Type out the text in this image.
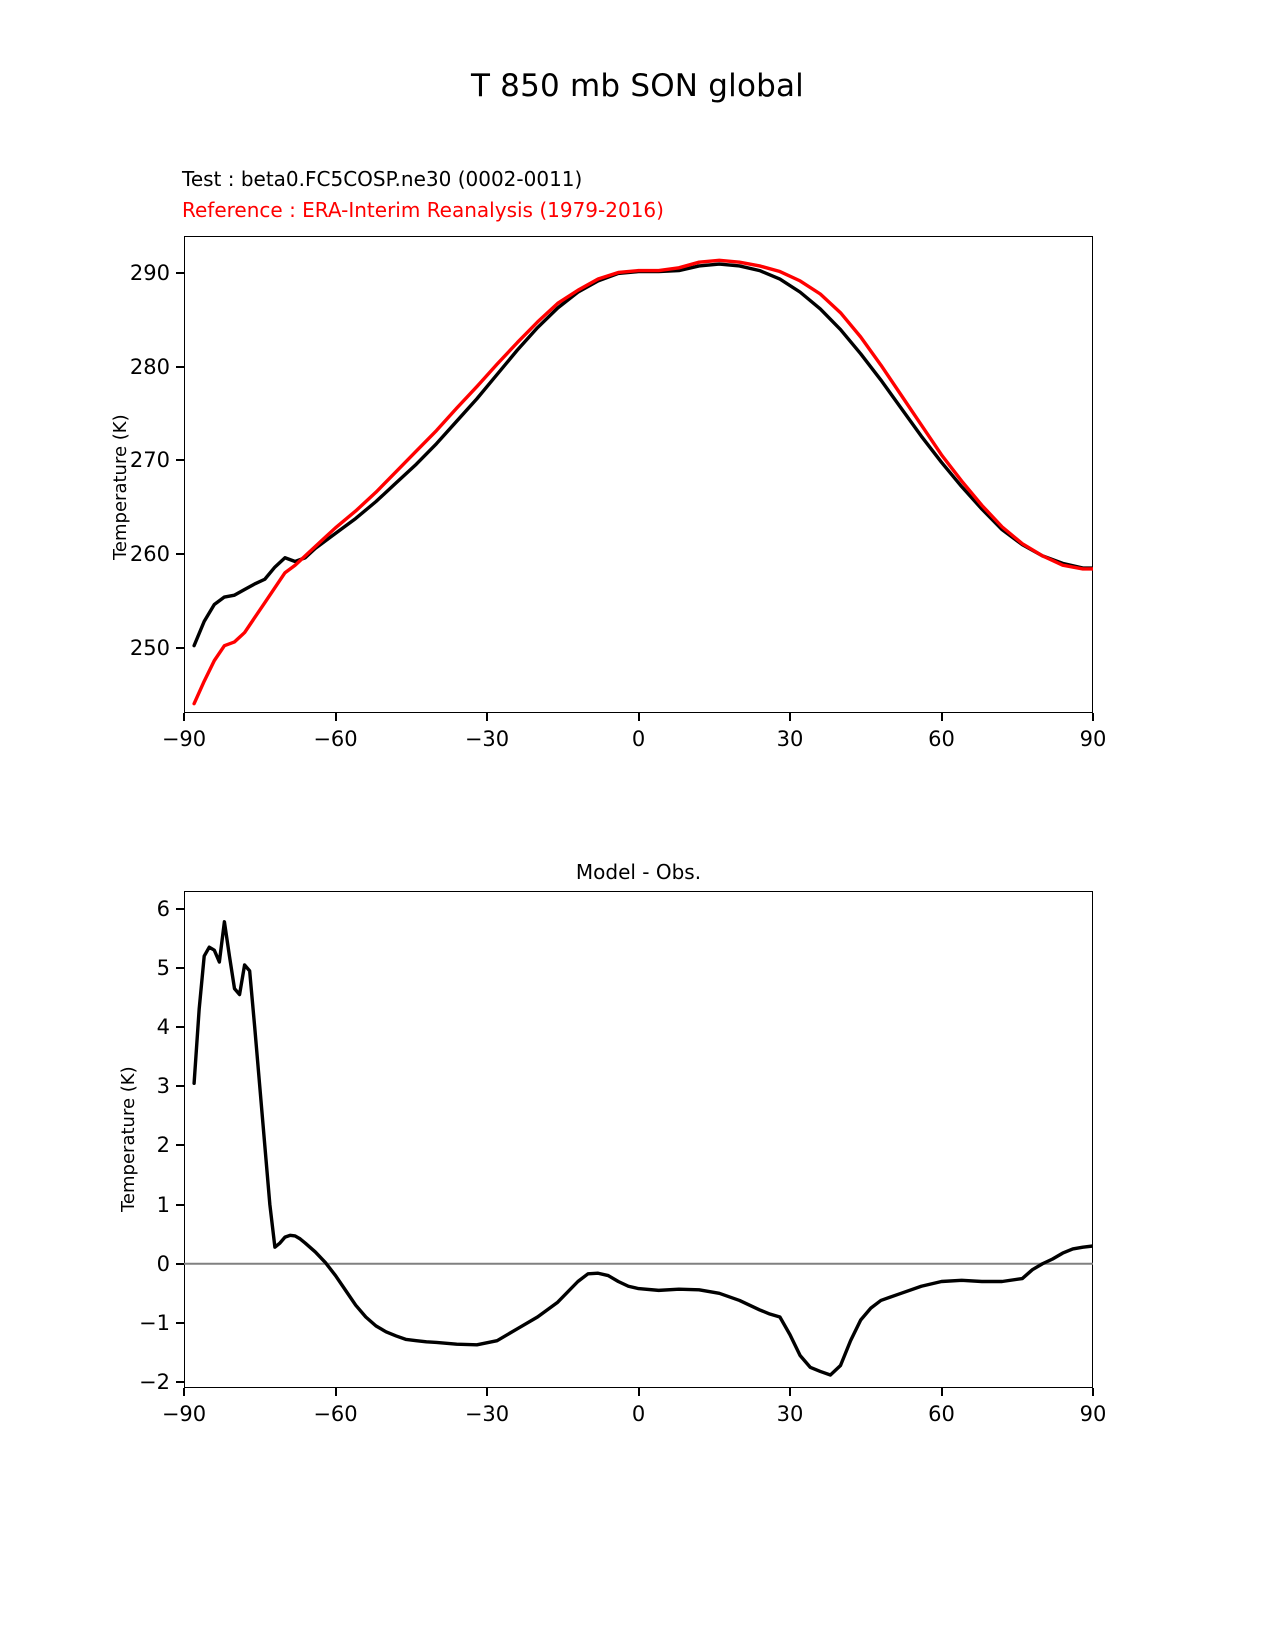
T 850 mb SON global
Test : beta0.FC5COSP.ne30 (0002-0011)
Reference : ERA-Interim Reanalysis (1979-2016)
Temperature (K)
−90	−60	−30	0	30	60	90
250
260
270
280
290
Model - Obs.
Temperature (K)
−90	−60	−30	0	30	60	90
−2
−1
0
1
2
3
4
5
6
